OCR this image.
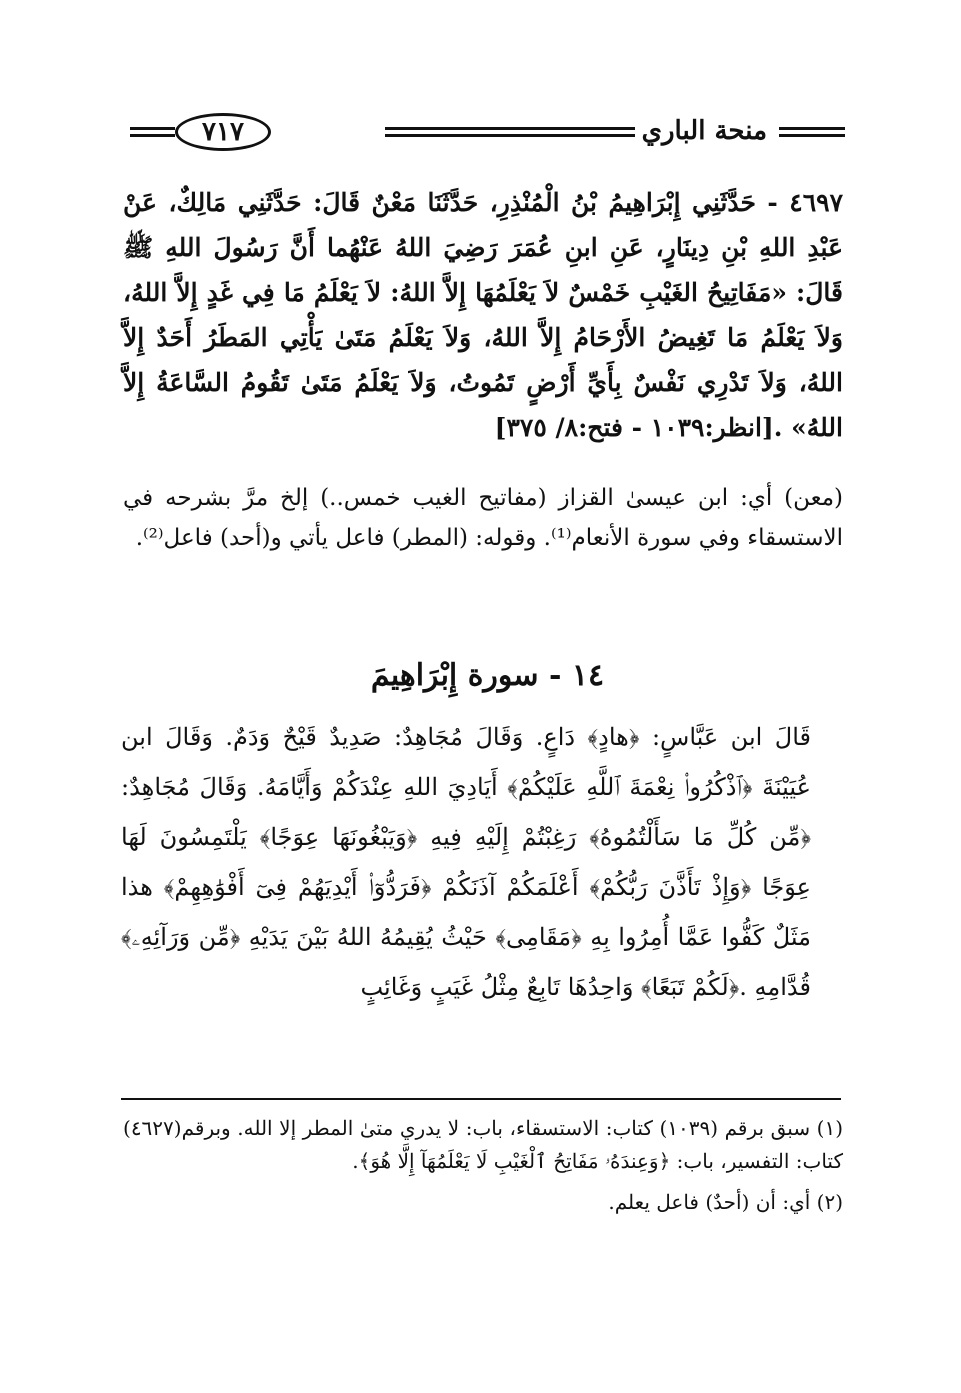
منحة الباري
٧١٧
٤٦٩٧ - حَدَّثَنِي إِبْرَاهِيمُ بْنُ الْمُنْذِرِ، حَدَّثَنَا مَعْنٌ قَالَ: حَدَّثَنِي مَالِكٌ، عَنْ عَبْدِ اللهِ بْنِ دِينَارٍ، عَنِ ابنِ عُمَرَ رَضِيَ اللهُ عَنْهُما أَنَّ رَسُولَ اللهِ ﷺ قَالَ: «مَفَاتِيحُ الغَيْبِ خَمْسٌ لاَ يَعْلَمُهَا إِلاَّ اللهُ: لاَ يَعْلَمُ مَا فِي غَدٍ إِلاَّ اللهُ، وَلاَ يَعْلَمُ مَا تَغِيضُ الأَرْحَامُ إِلاَّ اللهُ، وَلاَ يَعْلَمُ مَتَىٰ يَأْتِي المَطَرُ أَحَدٌ إِلاَّ اللهُ، وَلاَ تَدْرِي نَفْسٌ بِأَيِّ أَرْضٍ تَمُوتُ، وَلاَ يَعْلَمُ مَتَىٰ تَقُومُ السَّاعَةُ إِلاَّ اللهُ» .[انظر:١٠٣٩ - فتح:٨/ ٣٧٥]
(معن) أي: ابن عيسىٰ القزاز (مفاتيح الغيب خمس..) إلخ مرَّ بشرحه في الاستسقاء وفي سورة الأنعام⁽¹⁾. وقوله: (المطر) فاعل يأتي و(أحد) فاعل⁽²⁾.
١٤ - سورة إِبْرَاهِيمَ
قَالَ ابن عَبَّاسٍ: ﴿هادٍ﴾ دَاعٍ. وَقَالَ مُجَاهِدٌ: صَدِيدٌ قَيْحٌ وَدَمٌ. وَقَالَ ابن عُيَيْنَةَ ﴿ٱذْكُرُوا۟ نِعْمَةَ ٱللَّهِ عَلَيْكُمْ﴾ أَيَادِيَ اللهِ عِنْدَكُمْ وَأَيَّامَهُ. وَقَالَ مُجَاهِدٌ: ﴿مِّن كُلِّ مَا سَأَلْتُمُوهُ﴾ رَغِبْتُمْ إِلَيْهِ فِيهِ ﴿وَيَبْغُونَهَا عِوَجًا﴾ يَلْتَمِسُونَ لَهَا عِوَجًا ﴿وَإِذْ تَأَذَّنَ رَبُّكُمْ﴾ أَعْلَمَكُمْ آذَنَكُمْ ﴿فَرَدُّوٓا۟ أَيْدِيَهُمْ فِىٓ أَفْوَٰهِهِمْ﴾ هذا مَثَلٌ كَفُّوا عَمَّا أُمِرُوا بِهِ ﴿مَقَامِى﴾ حَيْثُ يُقِيمُهُ اللهُ بَيْنَ يَدَيْهِ ﴿مِّن وَرَآئِهِۦ﴾ قُدَّامِهِ .﴿لَكُمْ تَبَعًا﴾ وَاحِدُهَا تَابِعٌ مِثْلُ غَيَبٍ وَغَائِبٍ

(١) سبق برقم (١٠٣٩) كتاب: الاستسقاء، باب: لا يدري متىٰ المطر إلا الله. وبرقم(٤٦٢٧) كتاب: التفسير، باب: ﴿وَعِندَهُۥ مَفَاتِحُ ٱلْغَيْبِ لَا يَعْلَمُهَآ إِلَّا هُوَ﴾.

(٢) أي: أن (أحدٌ) فاعل يعلم.
